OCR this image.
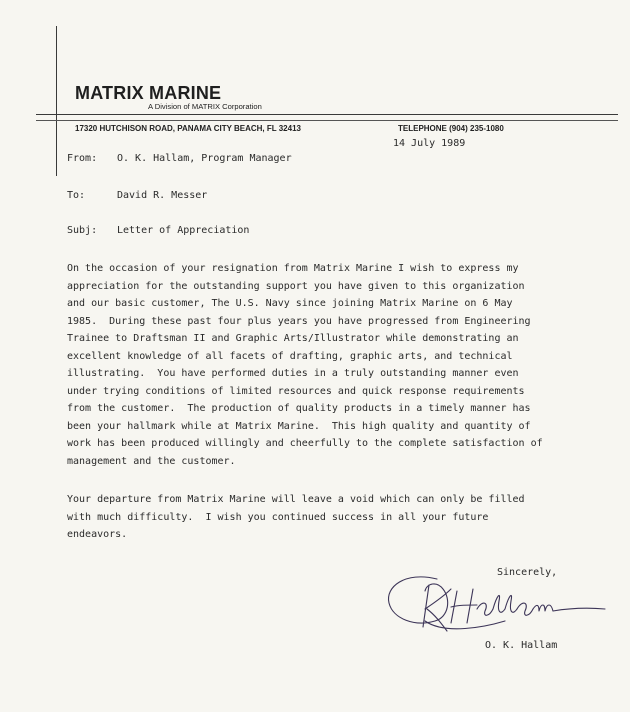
MATRIX MARINE
A Division of MATRIX Corporation
17320 HUTCHISON ROAD, PANAMA CITY BEACH, FL 32413	TELEPHONE (904) 235-1080
14 July 1989
From: O. K. Hallam, Program Manager
To:	David R. Messer
Subj: Letter of Appreciation
On the occasion of your resignation from Matrix Marine I wish to express my
appreciation for the outstanding support you have given to this organization
and our basic customer, The U.S. Navy since joining Matrix Marine on 6 May
1985.  During these past four plus years you have progressed from Engineering
Trainee to Draftsman II and Graphic Arts/Illustrator while demonstrating an
excellent knowledge of all facets of drafting, graphic arts, and technical
illustrating.  You have performed duties in a truly outstanding manner even
under trying conditions of limited resources and quick response requirements
from the customer.  The production of quality products in a timely manner has
been your hallmark while at Matrix Marine.  This high quality and quantity of
work has been produced willingly and cheerfully to the complete satisfaction of
management and the customer.
Your departure from Matrix Marine will leave a void which can only be filled
with much difficulty.  I wish you continued success in all your future
endeavors.
Sincerely,
O. K. Hallam
